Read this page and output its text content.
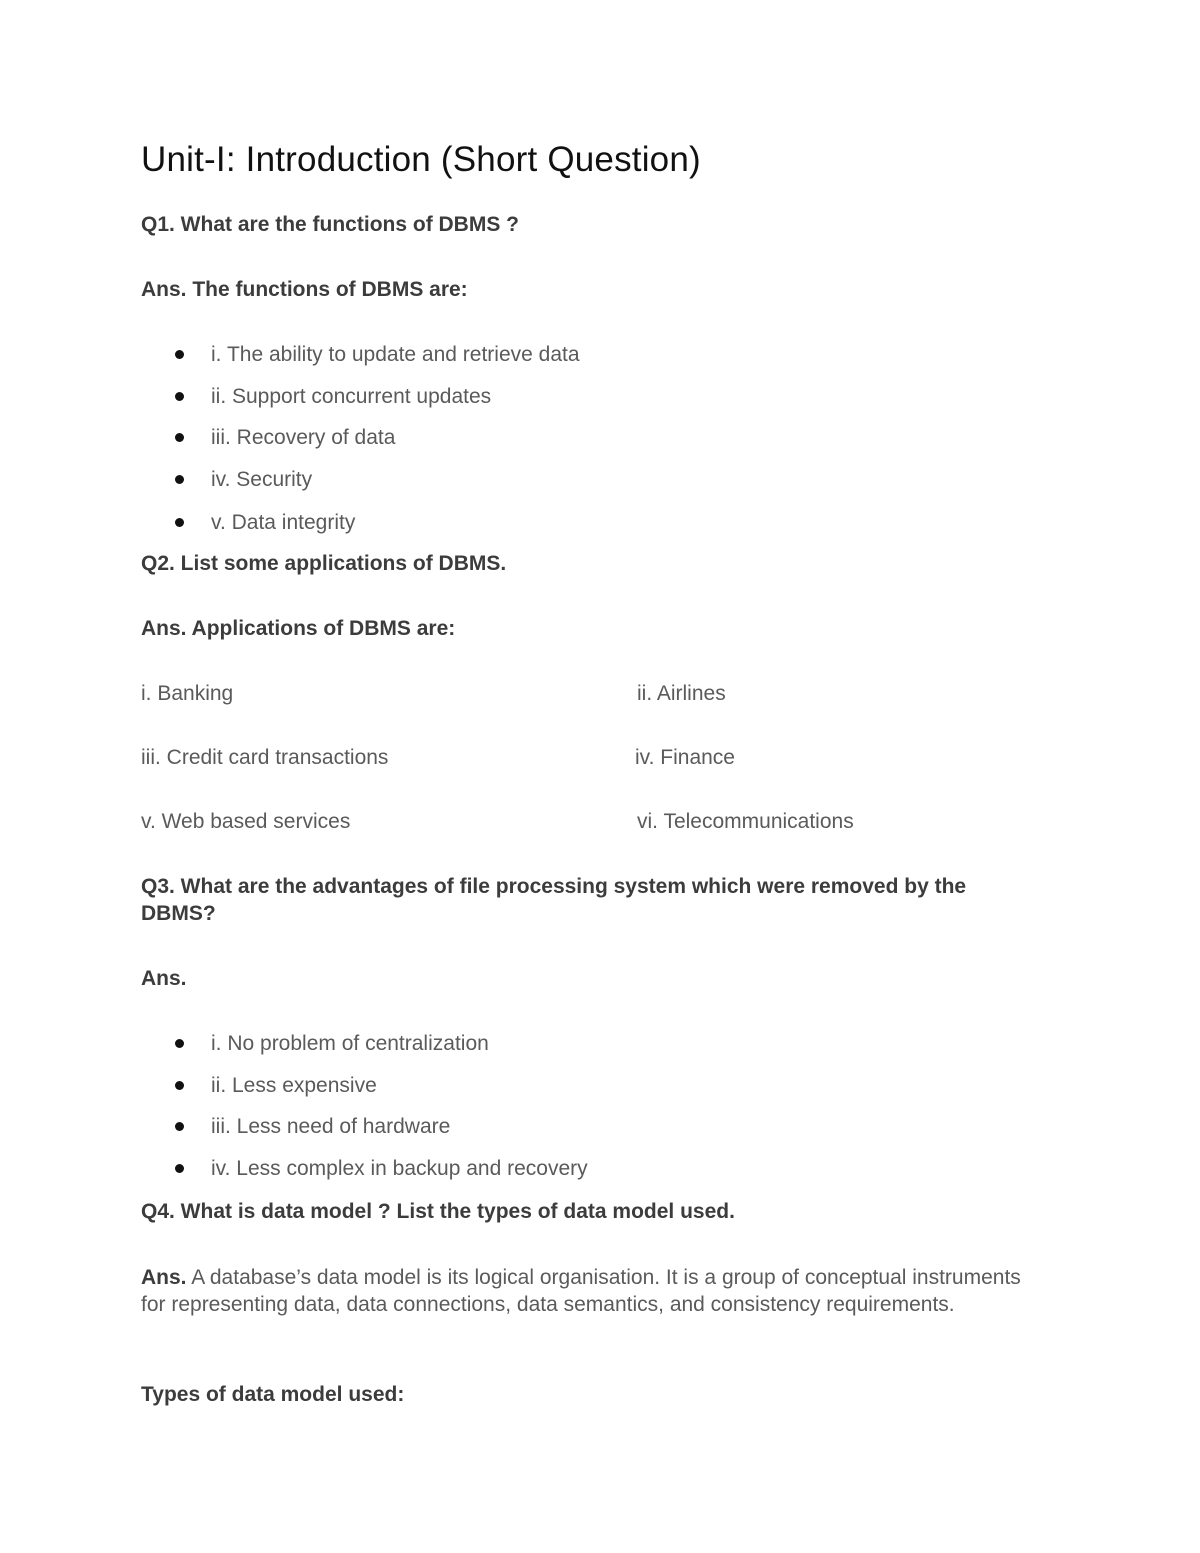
Unit-I: Introduction (Short Question)
Q1. What are the functions of DBMS ?
Ans. The functions of DBMS are:
i. The ability to update and retrieve data
ii. Support concurrent updates
iii. Recovery of data
iv. Security
v. Data integrity
Q2. List some applications of DBMS.
Ans. Applications of DBMS are:
i. Banking	ii. Airlines
iii. Credit card transactions	iv. Finance
v. Web based services	vi. Telecommunications
Q3. What are the advantages of file processing system which were removed by the DBMS?
Ans.
i. No problem of centralization
ii. Less expensive
iii. Less need of hardware
iv. Less complex in backup and recovery
Q4. What is data model ? List the types of data model used.
Ans. A database’s data model is its logical organisation. It is a group of conceptual instruments for representing data, data connections, data semantics, and consistency requirements.
Types of data model used:
